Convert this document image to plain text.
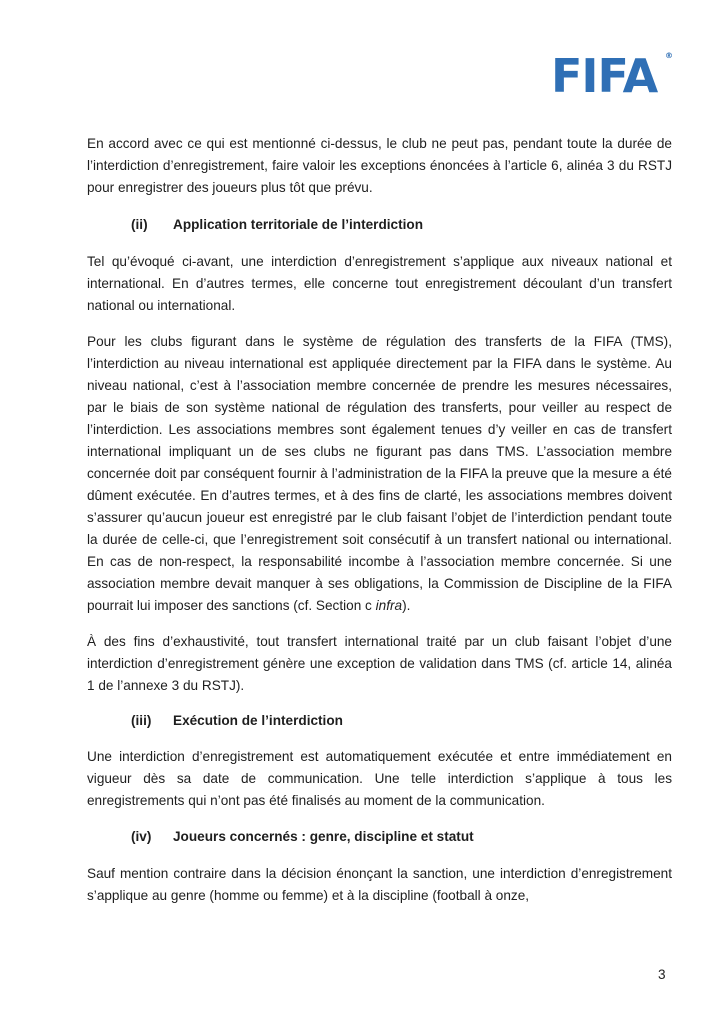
FIFA ®

En accord avec ce qui est mentionné ci-dessus, le club ne peut pas, pendant toute la durée de l’interdiction d’enregistrement, faire valoir les exceptions énoncées à l’article 6, alinéa 3 du RSTJ pour enregistrer des joueurs plus tôt que prévu.

(ii) Application territoriale de l’interdiction

Tel qu’évoqué ci-avant, une interdiction d’enregistrement s’applique aux niveaux national et international. En d’autres termes, elle concerne tout enregistrement découlant d’un transfert national ou international.

Pour les clubs figurant dans le système de régulation des transferts de la FIFA (TMS), l’interdiction au niveau international est appliquée directement par la FIFA dans le système. Au niveau national, c’est à l’association membre concernée de prendre les mesures nécessaires, par le biais de son système national de régulation des transferts, pour veiller au respect de l’interdiction. Les associations membres sont également tenues d’y veiller en cas de transfert international impliquant un de ses clubs ne figurant pas dans TMS. L’association membre concernée doit par conséquent fournir à l’administration de la FIFA la preuve que la mesure a été dûment exécutée. En d’autres termes, et à des fins de clarté, les associations membres doivent s’assurer qu’aucun joueur est enregistré par le club faisant l’objet de l’interdiction pendant toute la durée de celle-ci, que l’enregistrement soit consécutif à un transfert national ou international. En cas de non-respect, la responsabilité incombe à l’association membre concernée. Si une association membre devait manquer à ses obligations, la Commission de Discipline de la FIFA pourrait lui imposer des sanctions (cf. Section c infra).

À des fins d’exhaustivité, tout transfert international traité par un club faisant l’objet d’une interdiction d’enregistrement génère une exception de validation dans TMS (cf. article 14, alinéa 1 de l’annexe 3 du RSTJ).

(iii) Exécution de l’interdiction

Une interdiction d’enregistrement est automatiquement exécutée et entre immédiatement en vigueur dès sa date de communication. Une telle interdiction s’applique à tous les enregistrements qui n’ont pas été finalisés au moment de la communication.

(iv) Joueurs concernés : genre, discipline et statut

Sauf mention contraire dans la décision énonçant la sanction, une interdiction d’enregistrement s’applique au genre (homme ou femme) et à la discipline (football à onze,

3
